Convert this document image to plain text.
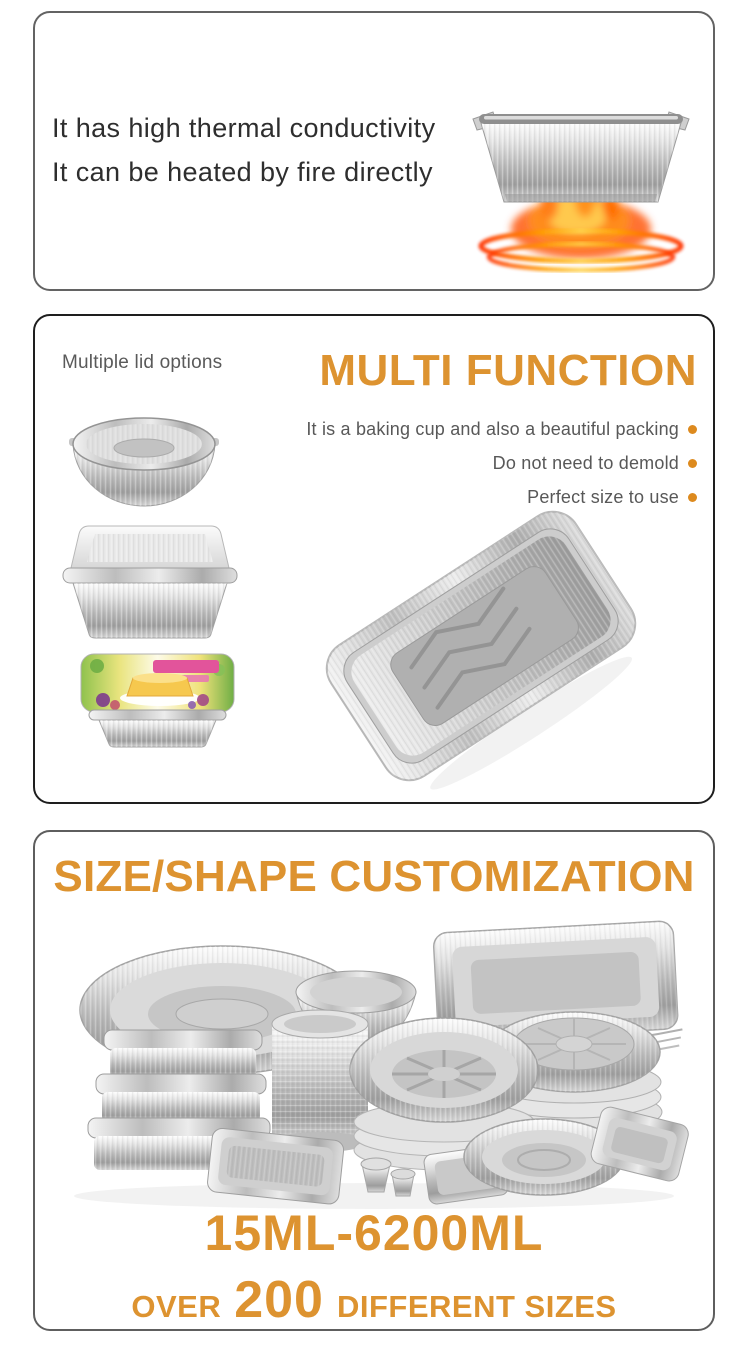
It has high thermal conductivity
It can be heated by fire directly
Multiple lid options MULTI FUNCTION
It is a baking cup and also a beautiful packing
Do not need to demold
Perfect size to use
SIZE/SHAPE CUSTOMIZATION
15ML-6200ML
OVER 200 DIFFERENT SIZES
